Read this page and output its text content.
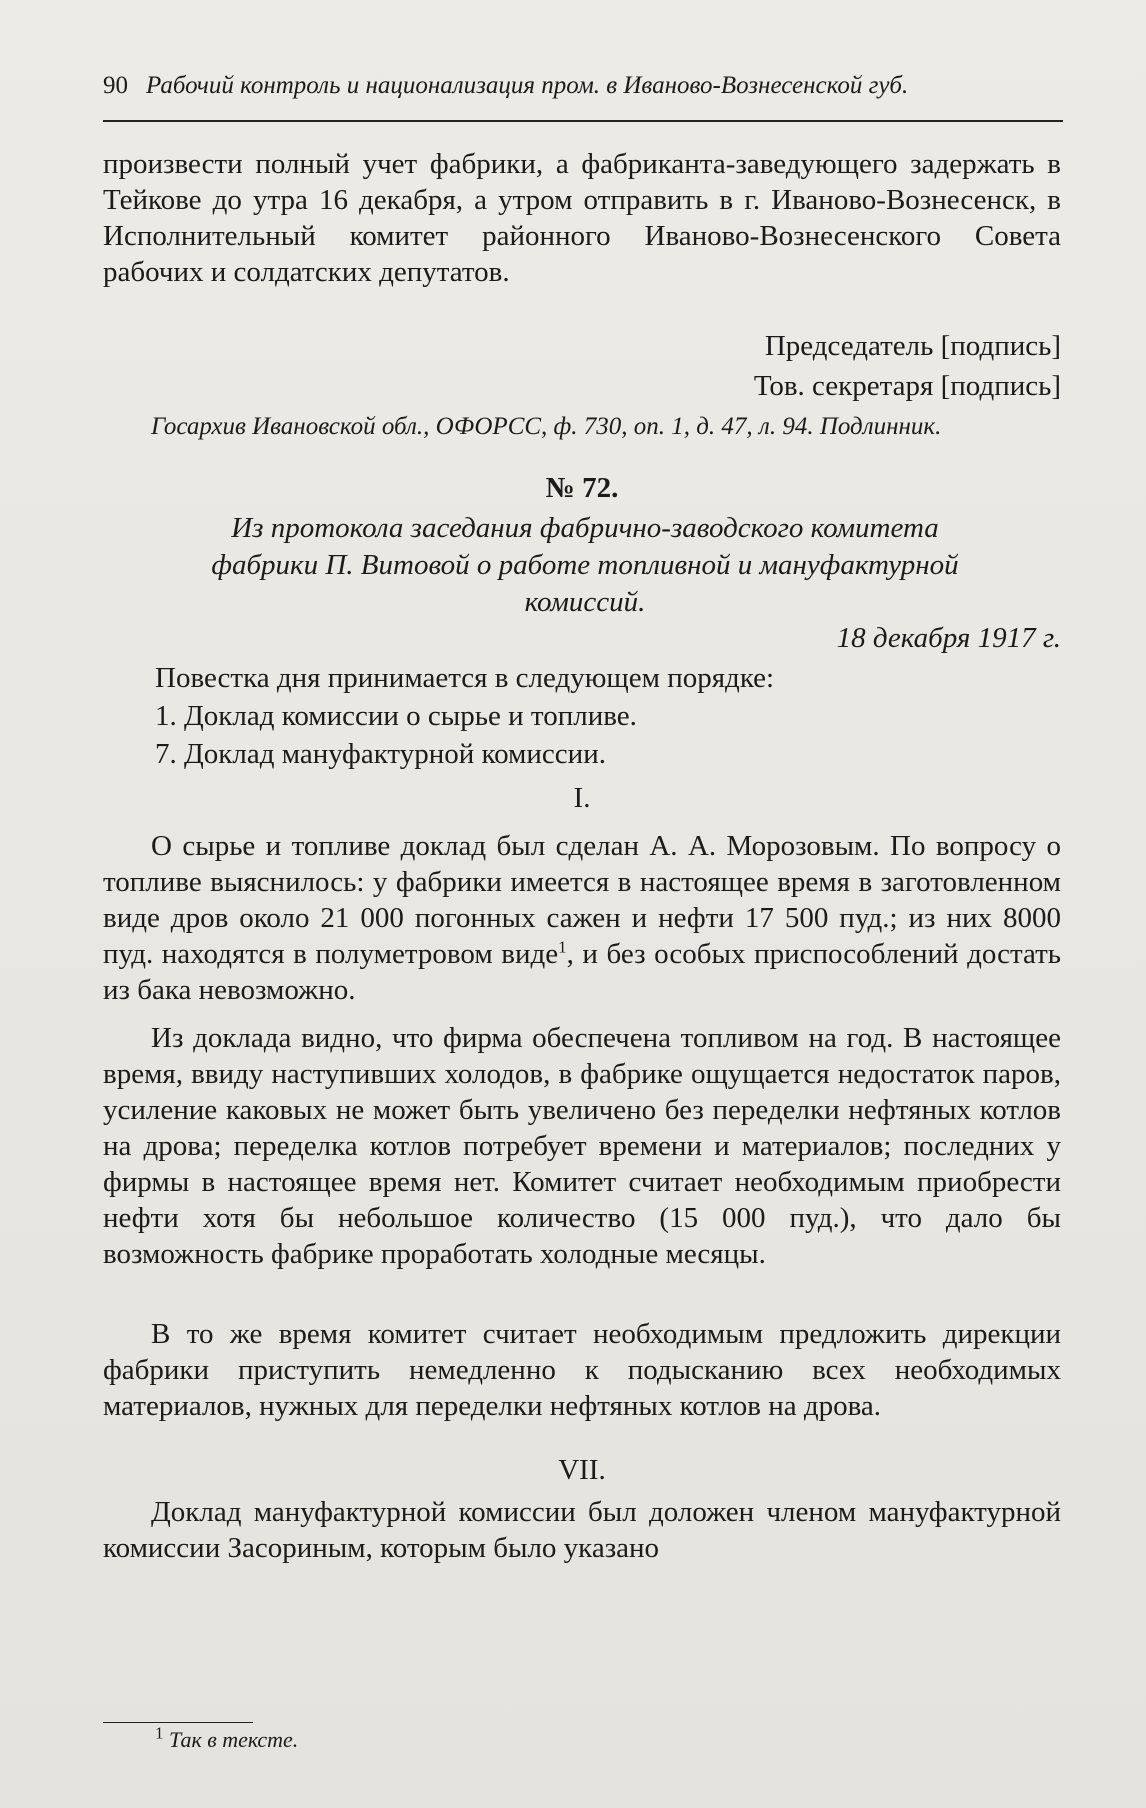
90 Рабочий контроль и национализация пром. в Иваново-Вознесенской губ.
произвести полный учет фабрики, а фабриканта-заведующего задержать в Тейкове до утра 16 декабря, а утром отправить в г. Иваново-Вознесенск, в Исполнительный комитет районного Иваново-Вознесенского Совета рабочих и солдатских депутатов.
Председатель [подпись]
Тов. секретаря [подпись]
Госархив Ивановской обл., ОФОРСС, ф. 730, оп. 1, д. 47, л. 94. Подлинник.
№ 72.
Из протокола заседания фабрично-заводского комитета фабрики П. Витовой о работе топливной и мануфактурной комиссий.
18 декабря 1917 г.
Повестка дня принимается в следующем порядке:
1. Доклад комиссии о сырье и топливе.
7. Доклад мануфактурной комиссии.
I.
О сырье и топливе доклад был сделан А. А. Морозовым. По вопросу о топливе выяснилось: у фабрики имеется в настоящее время в заготовленном виде дров около 21 000 погонных сажен и нефти 17 500 пуд.; из них 8000 пуд. находятся в полуметровом виде$^1$, и без особых приспособлений достать из бака невозможно.
Из доклада видно, что фирма обеспечена топливом на год. В настоящее время, ввиду наступивших холодов, в фабрике ощущается недостаток паров, усиление каковых не может быть увеличено без переделки нефтяных котлов на дрова; переделка котлов потребует времени и материалов; последних у фирмы в настоящее время нет. Комитет считает необходимым приобрести нефти хотя бы небольшое количество (15 000 пуд.), что дало бы возможность фабрике проработать холодные месяцы.
В то же время комитет считает необходимым предложить дирекции фабрики приступить немедленно к подысканию всех необходимых материалов, нужных для переделки нефтяных котлов на дрова.
VII.
Доклад мануфактурной комиссии был доложен членом мануфактурной комиссии Засориным, которым было указано
$^1$ Так в тексте.
